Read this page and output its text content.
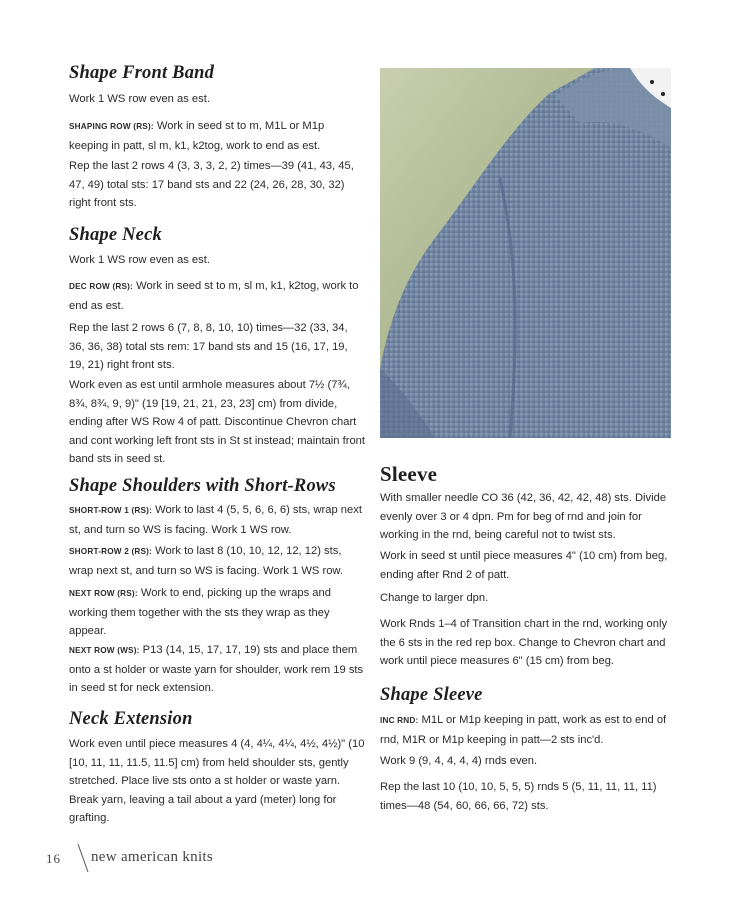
Shape Front Band

Work 1 WS row even as est.

SHAPING ROW (RS): Work in seed st to m, M1L or M1p keeping in patt, sl m, k1, k2tog, work to end as est.

Rep the last 2 rows 4 (3, 3, 3, 2, 2) times—39 (41, 43, 45, 47, 49) total sts: 17 band sts and 22 (24, 26, 28, 30, 32) right front sts.

Shape Neck

Work 1 WS row even as est.

DEC ROW (RS): Work in seed st to m, sl m, k1, k2tog, work to end as est.

Rep the last 2 rows 6 (7, 8, 8, 10, 10) times—32 (33, 34, 36, 36, 38) total sts rem: 17 band sts and 15 (16, 17, 19, 19, 21) right front sts.

Work even as est until armhole measures about 7½ (7¾, 8¾, 8¾, 9, 9)" (19 [19, 21, 21, 23, 23] cm) from divide, ending after WS Row 4 of patt. Discontinue Chevron chart and cont working left front sts in St st instead; maintain front band sts in seed st.

Shape Shoulders with Short-Rows

SHORT-ROW 1 (RS): Work to last 4 (5, 5, 6, 6, 6) sts, wrap next st, and turn so WS is facing. Work 1 WS row.

SHORT-ROW 2 (RS): Work to last 8 (10, 10, 12, 12, 12) sts, wrap next st, and turn so WS is facing. Work 1 WS row.

NEXT ROW (RS): Work to end, picking up the wraps and working them together with the sts they wrap as they appear.

NEXT ROW (WS): P13 (14, 15, 17, 17, 19) sts and place them onto a st holder or waste yarn for shoulder, work rem 19 sts in seed st for neck extension.

Neck Extension

Work even until piece measures 4 (4, 4¼, 4¼, 4½, 4½)" (10 [10, 11, 11, 11.5, 11.5] cm) from held shoulder sts, gently stretched. Place live sts onto a st holder or waste yarn. Break yarn, leaving a tail about a yard (meter) long for grafting.

Sleeve

With smaller needle CO 36 (42, 36, 42, 42, 48) sts. Divide evenly over 3 or 4 dpn. Pm for beg of rnd and join for working in the rnd, being careful not to twist sts.

Work in seed st until piece measures 4" (10 cm) from beg, ending after Rnd 2 of patt.

Change to larger dpn.

Work Rnds 1–4 of Transition chart in the rnd, working only the 6 sts in the red rep box. Change to Chevron chart and work until piece measures 6" (15 cm) from beg.

Shape Sleeve

INC RND: M1L or M1p keeping in patt, work as est to end of rnd, M1R or M1p keeping in patt—2 sts inc'd.

Work 9 (9, 4, 4, 4, 4) rnds even.

Rep the last 10 (10, 10, 5, 5, 5) rnds 5 (5, 11, 11, 11, 11) times—48 (54, 60, 66, 66, 72) sts.

16 new american knits
